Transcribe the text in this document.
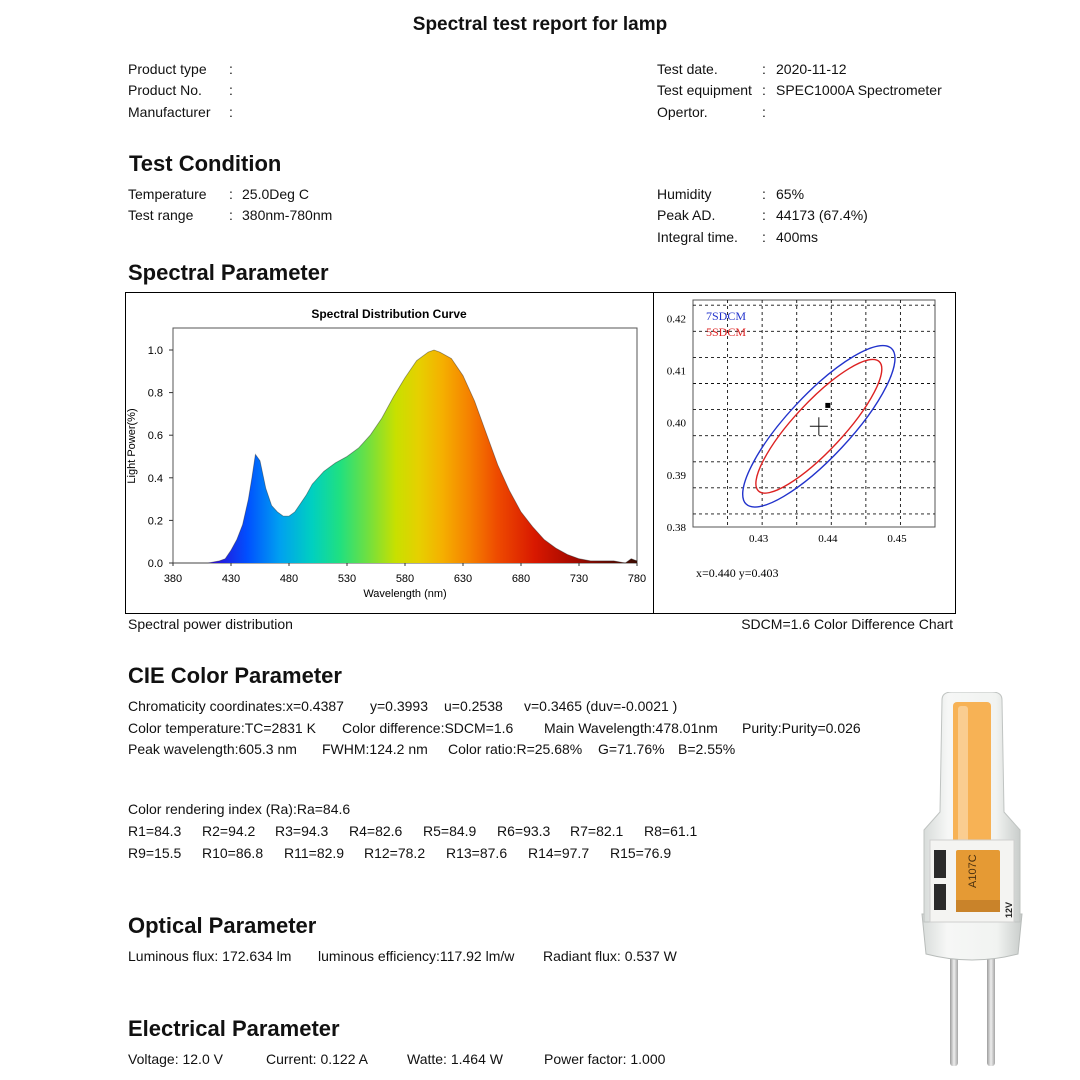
Spectral test report for lamp
Product type :
Product No. :
Manufacturer :
Test date.	: 2020-11-12
Test equipment : SPEC1000A Spectrometer
Opertor.	:
Test Condition
Temperature : 25.0Deg C
Test range	: 380nm-780nm
Humidity	: 65%
Peak AD.	: 44173 (67.4%)
Integral time. : 400ms
Spectral Parameter
Spectral Distribution Curve
0.0
0.2
0.4
0.6
0.8
1.0
380	430	480	530	580	630	680	730	780
Wavelength (nm)
Light Power(%)
0.43	0.44	0.45
0.42
0.41
0.40
0.39
0.38
7SDCM
5SDCM
x=0.440 y=0.403
Spectral power distribution	SDCM=1.6 Color Difference Chart
CIE Color Parameter
Chromaticity coordinates:x=0.4387 y=0.3993 u=0.2538 v=0.3465 (duv=-0.0021 )
Color temperature:TC=2831 K Color difference:SDCM=1.6 Main Wavelength:478.01nm Purity:Purity=0.026
Peak wavelength:605.3 nm FWHM:124.2 nm Color ratio:R=25.68% G=71.76% B=2.55%
Color rendering index (Ra):Ra=84.6
R1=84.3 R2=94.2 R3=94.3 R4=82.6 R5=84.9 R6=93.3 R7=82.1 R8=61.1
R9=15.5 R10=86.8 R11=82.9 R12=78.2 R13=87.6 R14=97.7 R15=76.9
Optical Parameter
Luminous flux: 172.634 lm luminous efficiency:117.92 lm/w Radiant flux: 0.537 W
Electrical Parameter
Voltage: 12.0 V	Current: 0.122 A	Watte: 1.464 W	Power factor: 1.000
A107C
12V
